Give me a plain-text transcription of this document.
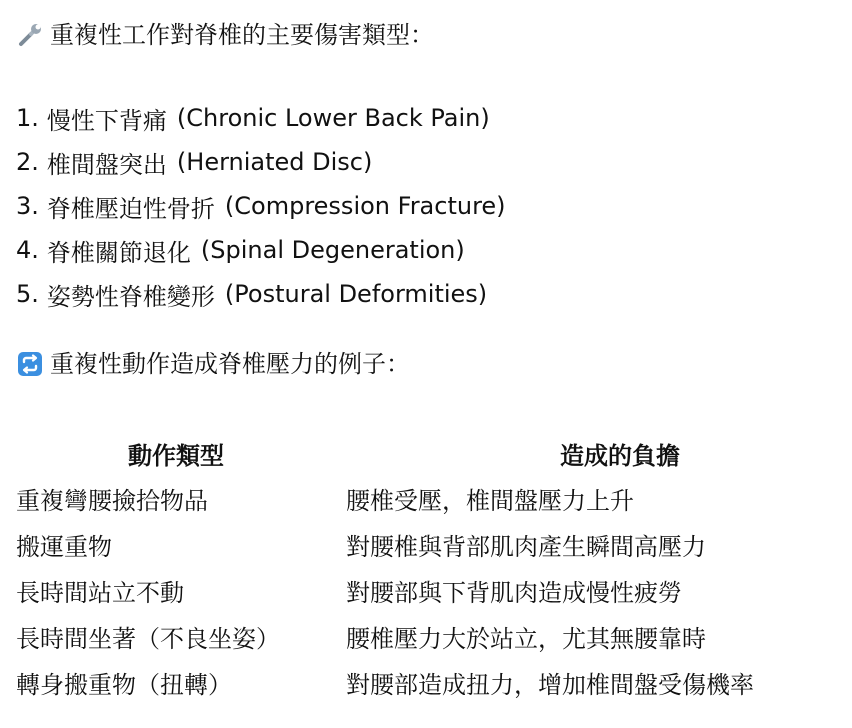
重複性工作對脊椎的主要傷害類型：
1. 慢性下背痛 (Chronic Lower Back Pain)
2. 椎間盤突出 (Herniated Disc)
3. 脊椎壓迫性骨折 (Compression Fracture)
4. 脊椎關節退化 (Spinal Degeneration)
5. 姿勢性脊椎變形 (Postural Deformities)
重複性動作造成脊椎壓力的例子：
動作類型	造成的負擔
重複彎腰撿拾物品	腰椎受壓，椎間盤壓力上升
搬運重物	對腰椎與背部肌肉產生瞬間高壓力
長時間站立不動	對腰部與下背肌肉造成慢性疲勞
長時間坐著（不良坐姿）	腰椎壓力大於站立，尤其無腰靠時
轉身搬重物（扭轉）	對腰部造成扭力，增加椎間盤受傷機率
